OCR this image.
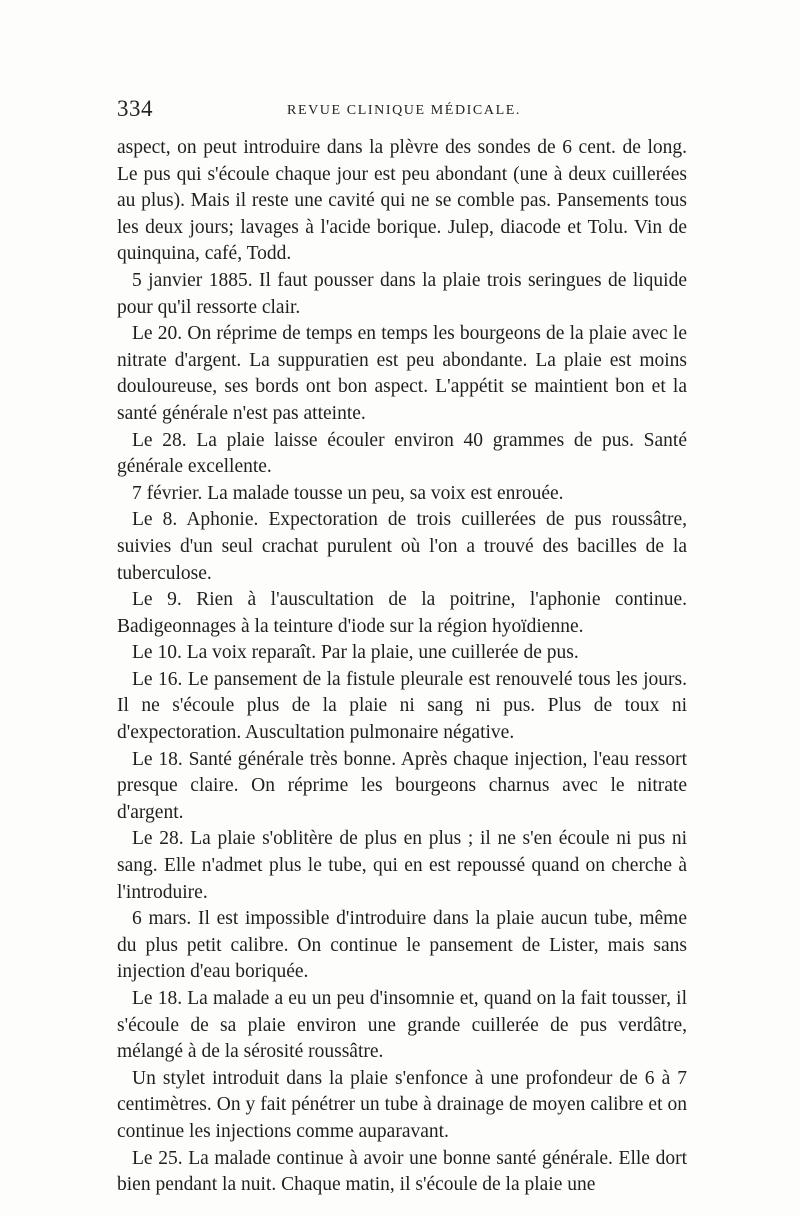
334	REVUE CLINIQUE MÉDICALE.

aspect, on peut introduire dans la plèvre des sondes de 6 cent. de long. Le pus qui s'écoule chaque jour est peu abondant (une à deux cuillerées au plus). Mais il reste une cavité qui ne se comble pas. Pansements tous les deux jours; lavages à l'acide borique. Julep, diacode et Tolu. Vin de quinquina, café, Todd.

5 janvier 1885. Il faut pousser dans la plaie trois seringues de liquide pour qu'il ressorte clair.

Le 20. On réprime de temps en temps les bourgeons de la plaie avec le nitrate d'argent. La suppuratien est peu abondante. La plaie est moins douloureuse, ses bords ont bon aspect. L'appétit se maintient bon et la santé générale n'est pas atteinte.

Le 28. La plaie laisse écouler environ 40 grammes de pus. Santé générale excellente.

7 février. La malade tousse un peu, sa voix est enrouée.

Le 8. Aphonie. Expectoration de trois cuillerées de pus roussâtre, suivies d'un seul crachat purulent où l'on a trouvé des bacilles de la tuberculose.

Le 9. Rien à l'auscultation de la poitrine, l'aphonie continue. Badigeonnages à la teinture d'iode sur la région hyoïdienne.

Le 10. La voix reparaît. Par la plaie, une cuillerée de pus.

Le 16. Le pansement de la fistule pleurale est renouvelé tous les jours. Il ne s'écoule plus de la plaie ni sang ni pus. Plus de toux ni d'expectoration. Auscultation pulmonaire négative.

Le 18. Santé générale très bonne. Après chaque injection, l'eau ressort presque claire. On réprime les bourgeons charnus avec le nitrate d'argent.

Le 28. La plaie s'oblitère de plus en plus ; il ne s'en écoule ni pus ni sang. Elle n'admet plus le tube, qui en est repoussé quand on cherche à l'introduire.

6 mars. Il est impossible d'introduire dans la plaie aucun tube, même du plus petit calibre. On continue le pansement de Lister, mais sans injection d'eau boriquée.

Le 18. La malade a eu un peu d'insomnie et, quand on la fait tousser, il s'écoule de sa plaie environ une grande cuillerée de pus verdâtre, mélangé à de la sérosité roussâtre.

Un stylet introduit dans la plaie s'enfonce à une profondeur de 6 à 7 centimètres. On y fait pénétrer un tube à drainage de moyen calibre et on continue les injections comme auparavant.

Le 25. La malade continue à avoir une bonne santé générale. Elle dort bien pendant la nuit. Chaque matin, il s'écoule de la plaie une
